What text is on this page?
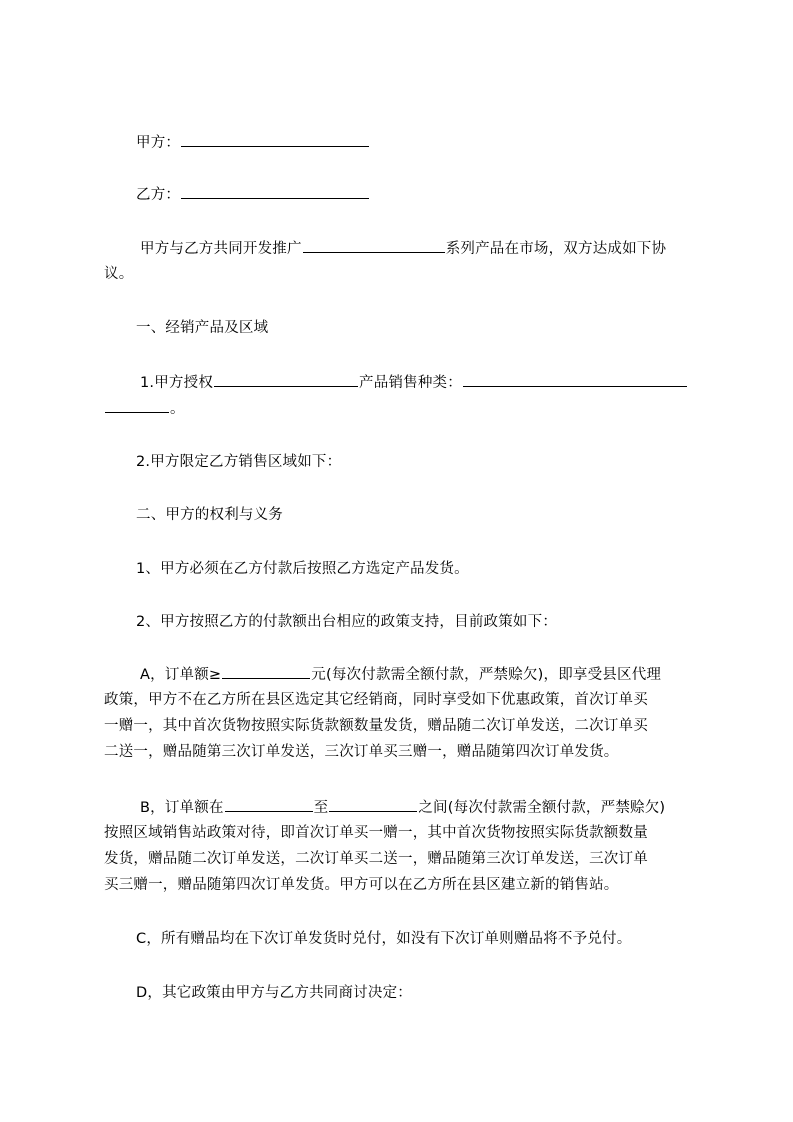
甲方：
乙方：
甲方与乙方共同开发推广	系列产品在市场，双方达成如下协
议。
一、经销产品及区域
1.甲方授权	产品销售种类：
。
2.甲方限定乙方销售区域如下：
二、甲方的权利与义务
1、甲方必须在乙方付款后按照乙方选定产品发货。
2、甲方按照乙方的付款额出台相应的政策支持，目前政策如下：
A，订单额≥	元(每次付款需全额付款，严禁赊欠)，即享受县区代理
政策，甲方不在乙方所在县区选定其它经销商，同时享受如下优惠政策，首次订单买
一赠一，其中首次货物按照实际货款额数量发货，赠品随二次订单发送，二次订单买
二送一，赠品随第三次订单发送，三次订单买三赠一，赠品随第四次订单发货。
B，订单额在	至	之间(每次付款需全额付款，严禁赊欠)
按照区域销售站政策对待，即首次订单买一赠一，其中首次货物按照实际货款额数量
发货，赠品随二次订单发送，二次订单买二送一，赠品随第三次订单发送，三次订单
买三赠一，赠品随第四次订单发货。甲方可以在乙方所在县区建立新的销售站。
C，所有赠品均在下次订单发货时兑付，如没有下次订单则赠品将不予兑付。
D，其它政策由甲方与乙方共同商讨决定：
